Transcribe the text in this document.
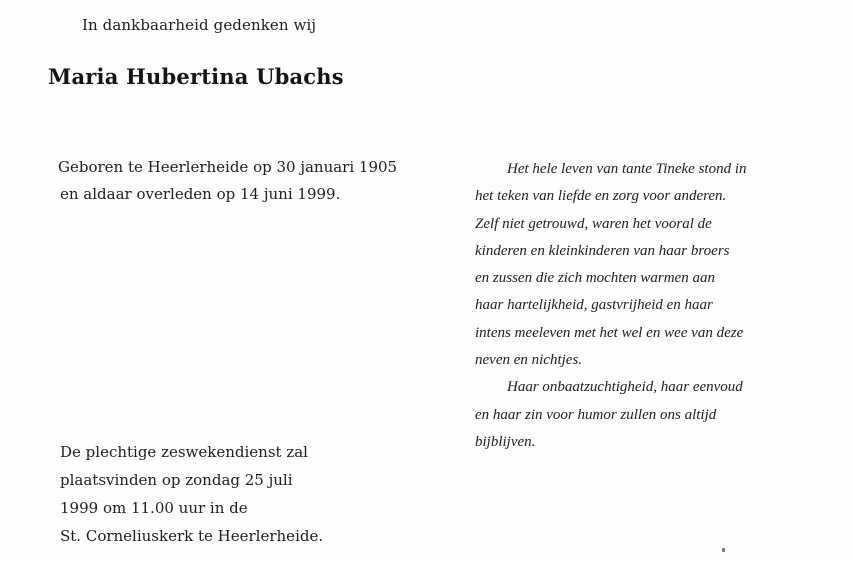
In dankbaarheid gedenken wij
Maria Hubertina Ubachs
Geboren te Heerlerheide op 30 januari 1905
en aldaar overleden op 14 juni 1999.
De plechtige zeswekendienst zal
plaatsvinden op zondag 25 juli
1999 om 11.00 uur in de
St. Corneliuskerk te Heerlerheide.
Het hele leven van tante Tineke stond in
het teken van liefde en zorg voor anderen.
Zelf niet getrouwd, waren het vooral de
kinderen en kleinkinderen van haar broers
en zussen die zich mochten warmen aan
haar hartelijkheid, gastvrijheid en haar
intens meeleven met het wel en wee van deze
neven en nichtjes.
Haar onbaatzuchtigheid, haar eenvoud
en haar zin voor humor zullen ons altijd
bijblijven.
